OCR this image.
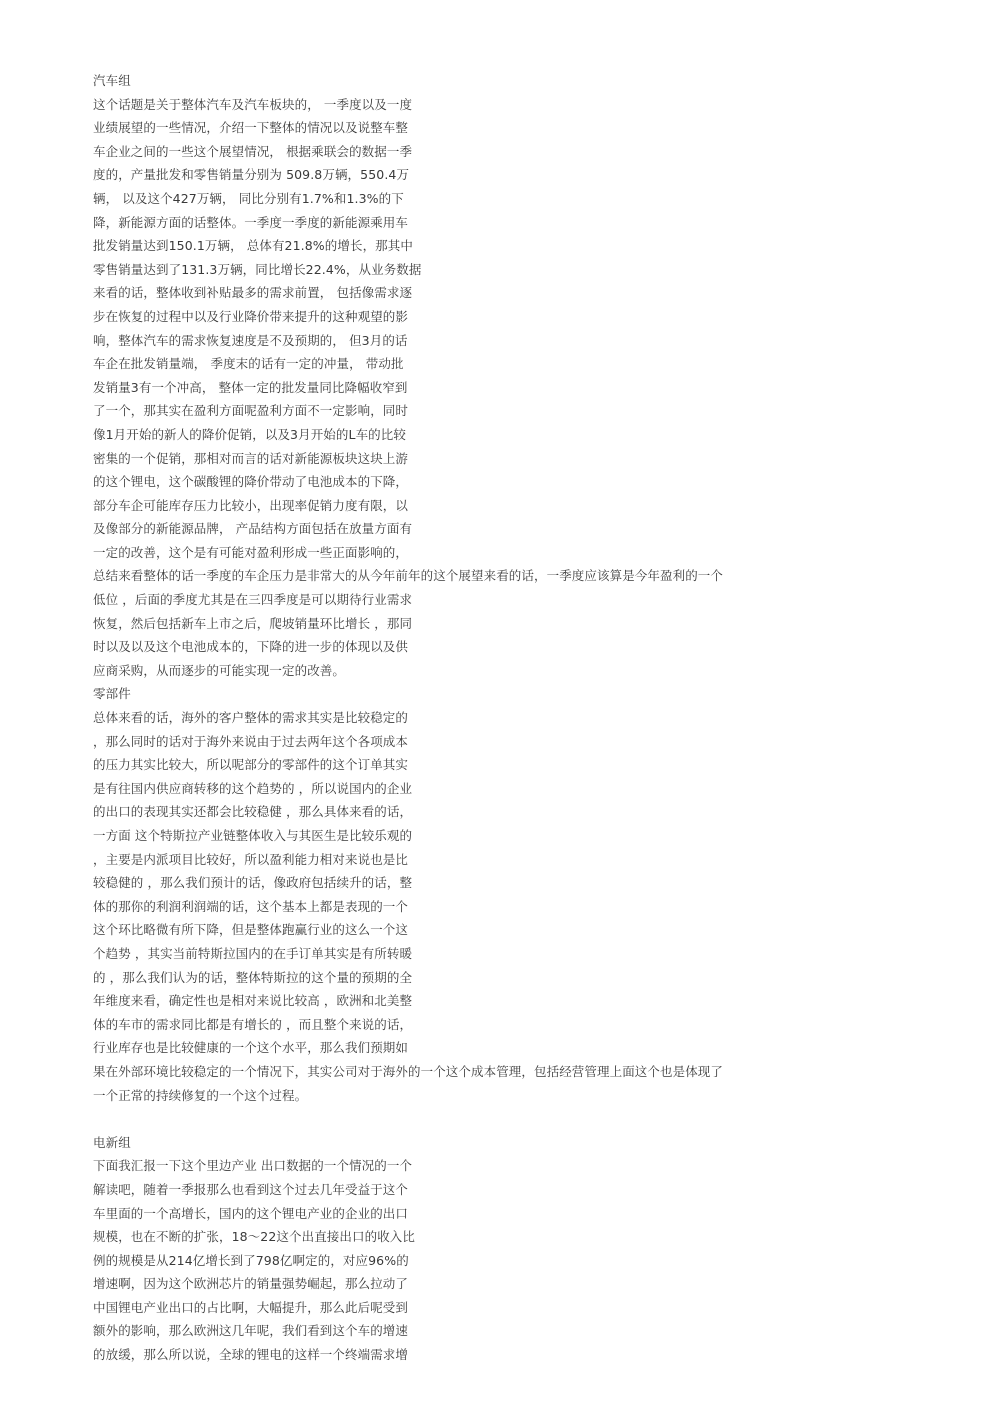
汽车组
这个话题是关于整体汽车及汽车板块的， 一季度以及一度
业绩展望的一些情况，介绍一下整体的情况以及说整车整
车企业之间的一些这个展望情况， 根据乘联会的数据一季
度的，产量批发和零售销量分别为 509.8万辆，550.4万
辆， 以及这个427万辆， 同比分别有1.7%和1.3%的下
降，新能源方面的话整体。一季度一季度的新能源乘用车
批发销量达到150.1万辆， 总体有21.8%的增长，那其中
零售销量达到了131.3万辆，同比增长22.4%，从业务数据
来看的话，整体收到补贴最多的需求前置， 包括像需求逐
步在恢复的过程中以及行业降价带来提升的这种观望的影
响，整体汽车的需求恢复速度是不及预期的， 但3月的话
车企在批发销量端， 季度末的话有一定的冲量， 带动批
发销量3有一个冲高， 整体一定的批发量同比降幅收窄到
了一个，那其实在盈利方面呢盈利方面不一定影响，同时
像1月开始的新人的降价促销，以及3月开始的L车的比较
密集的一个促销，那相对而言的话对新能源板块这块上游
的这个锂电，这个碳酸锂的降价带动了电池成本的下降，
部分车企可能库存压力比较小，出现率促销力度有限，以
及像部分的新能源品牌， 产品结构方面包括在放量方面有
一定的改善，这个是有可能对盈利形成一些正面影响的，
总结来看整体的话一季度的车企压力是非常大的从今年前年的这个展望来看的话，一季度应该算是今年盈利的一个
低位 ，后面的季度尤其是在三四季度是可以期待行业需求
恢复，然后包括新车上市之后，爬坡销量环比增长 ，那同
时以及以及这个电池成本的，下降的进一步的体现以及供
应商采购，从而逐步的可能实现一定的改善。
零部件
总体来看的话，海外的客户整体的需求其实是比较稳定的
，那么同时的话对于海外来说由于过去两年这个各项成本
的压力其实比较大，所以呢部分的零部件的这个订单其实
是有往国内供应商转移的这个趋势的 ，所以说国内的企业
的出口的表现其实还都会比较稳健 ，那么具体来看的话，
一方面 这个特斯拉产业链整体收入与其医生是比较乐观的
，主要是内派项目比较好，所以盈利能力相对来说也是比
较稳健的 ，那么我们预计的话，像政府包括续升的话，整
体的那你的利润利润端的话，这个基本上都是表现的一个
这个环比略微有所下降，但是整体跑赢行业的这么一个这
个趋势 ，其实当前特斯拉国内的在手订单其实是有所转暖
的 ，那么我们认为的话，整体特斯拉的这个量的预期的全
年维度来看，确定性也是相对来说比较高 ，欧洲和北美整
体的车市的需求同比都是有增长的 ，而且整个来说的话，
行业库存也是比较健康的一个这个水平，那么我们预期如
果在外部环境比较稳定的一个情况下，其实公司对于海外的一个这个成本管理，包括经营管理上面这个也是体现了
一个正常的持续修复的一个这个过程。
电新组
下面我汇报一下这个里边产业 出口数据的一个情况的一个
解读吧，随着一季报那么也看到这个过去几年受益于这个
车里面的一个高增长，国内的这个锂电产业的企业的出口
规模，也在不断的扩张，18～22这个出直接出口的收入比
例的规模是从214亿增长到了798亿啊定的，对应96%的
增速啊，因为这个欧洲芯片的销量强势崛起，那么拉动了
中国锂电产业出口的占比啊，大幅提升，那么此后呢受到
额外的影响，那么欧洲这几年呢，我们看到这个车的增速
的放缓，那么所以说，全球的锂电的这样一个终端需求增
